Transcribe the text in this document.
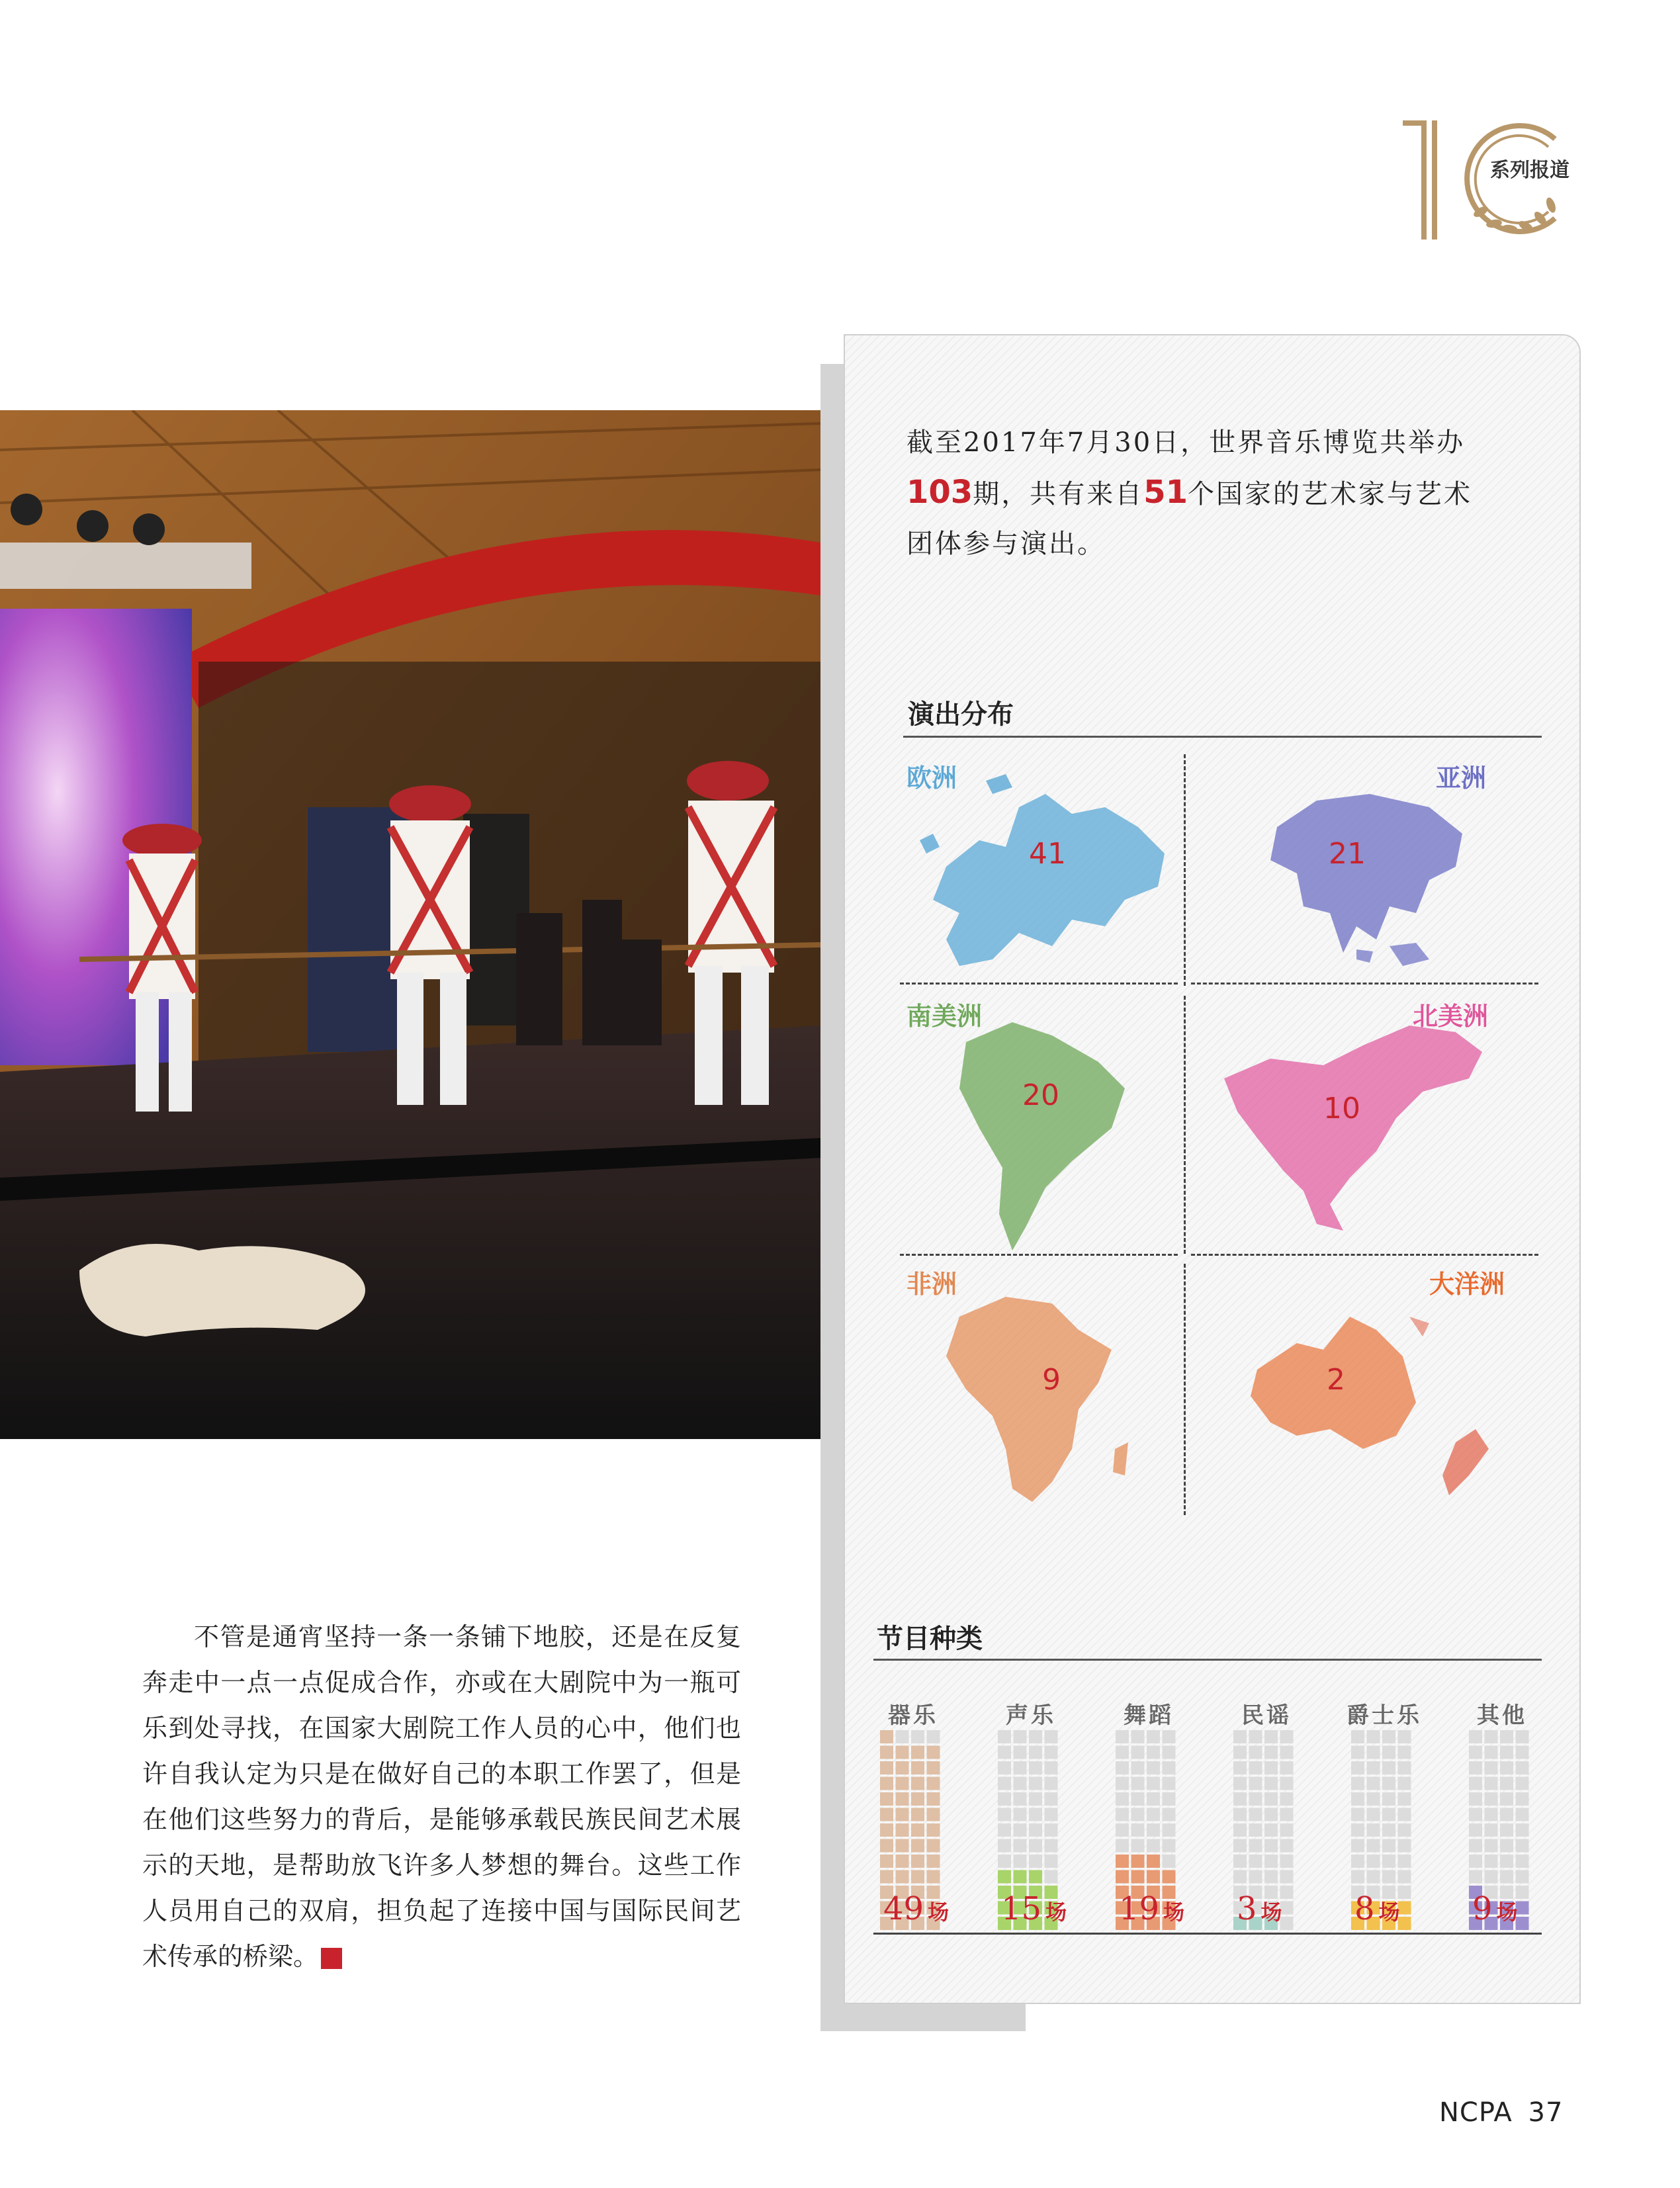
系列报道
截至2017年7月30日，世界音乐博览共举办
103期，共有来自51个国家的艺术家与艺术
团体参与演出。
演出分布
欧洲
41
亚洲
21
南美洲
20
北美洲
10
非洲
9
大洋洲
2
节目种类
器乐
49 场
声乐
15 场
舞蹈
19 场
民谣
3 场
爵士乐
8 场
其他
9 场

不管是通宵坚持一条一条铺下地胶，还是在反复奔走中一点一点促成合作，亦或在大剧院中为一瓶可乐到处寻找，在国家大剧院工作人员的心中，他们也许自我认定为只是在做好自己的本职工作罢了，但是在他们这些努力的背后，是能够承载民族民间艺术展示的天地，是帮助放飞许多人梦想的舞台。这些工作人员用自己的双肩，担负起了连接中国与国际民间艺术传承的桥梁。	院

NCPA 37
